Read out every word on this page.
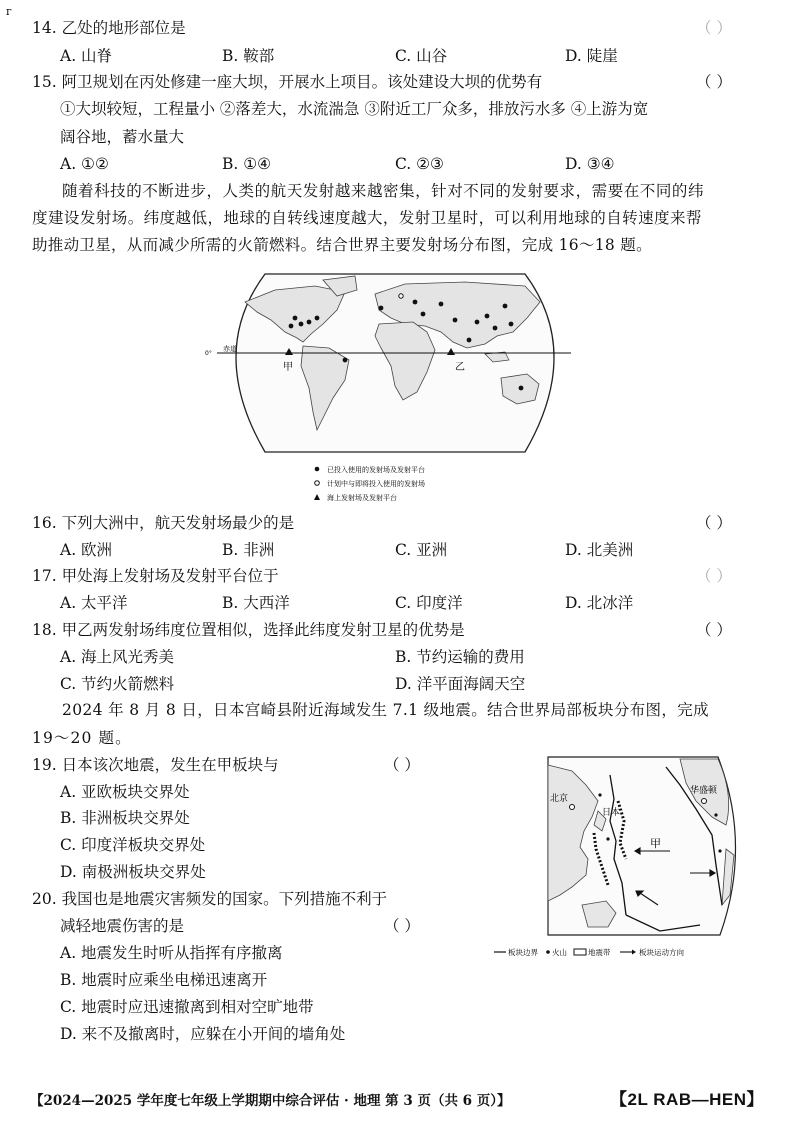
г
14. 乙处的地形部位是	（ ）
A. 山脊	B. 鞍部	C. 山谷	D. 陡崖
15. 阿卫规划在丙处修建一座大坝，开展水上项目。该处建设大坝的优势有	（ ）
①大坝较短，工程量小 ②落差大，水流湍急 ③附近工厂众多，排放污水多 ④上游为宽
阔谷地，蓄水量大
A. ①②	B. ①④	C. ②③	D. ③④
随着科技的不断进步，人类的航天发射越来越密集，针对不同的发射要求，需要在不同的纬
度建设发射场。纬度越低，地球的自转线速度越大，发射卫星时，可以利用地球的自转速度来帮
助推动卫星，从而减少所需的火箭燃料。结合世界主要发射场分布图，完成 16～18 题。
0°
赤道
甲	乙
已投入使用的发射场及发射平台
计划中与即将投入使用的发射场
海上发射场及发射平台
16. 下列大洲中，航天发射场最少的是	（ ）
A. 欧洲	B. 非洲	C. 亚洲	D. 北美洲
17. 甲处海上发射场及发射平台位于	（ ）
A. 太平洋	B. 大西洋	C. 印度洋	D. 北冰洋
18. 甲乙两发射场纬度位置相似，选择此纬度发射卫星的优势是	（ ）
A. 海上风光秀美	B. 节约运输的费用
C. 节约火箭燃料	D. 洋平面海阔天空
2024 年 8 月 8 日，日本宫崎县附近海域发生 7.1 级地震。结合世界局部板块分布图，完成
19～20 题。
19. 日本该次地震，发生在甲板块与	（ ）
A. 亚欧板块交界处
B. 非洲板块交界处
C. 印度洋板块交界处
D. 南极洲板块交界处
20. 我国也是地震灾害频发的国家。下列措施不利于
减轻地震伤害的是	（ ）
A. 地震发生时听从指挥有序撤离
B. 地震时应乘坐电梯迅速离开
C. 地震时应迅速撤离到相对空旷地带
D. 来不及撤离时，应躲在小开间的墙角处
北京
日本
华盛顿
甲
板块边界 火山	地震带	板块运动方向
【2024—2025 学年度七年级上学期期中综合评估 · 地理 第 3 页（共 6 页）】	【2L RAB—HEN】
